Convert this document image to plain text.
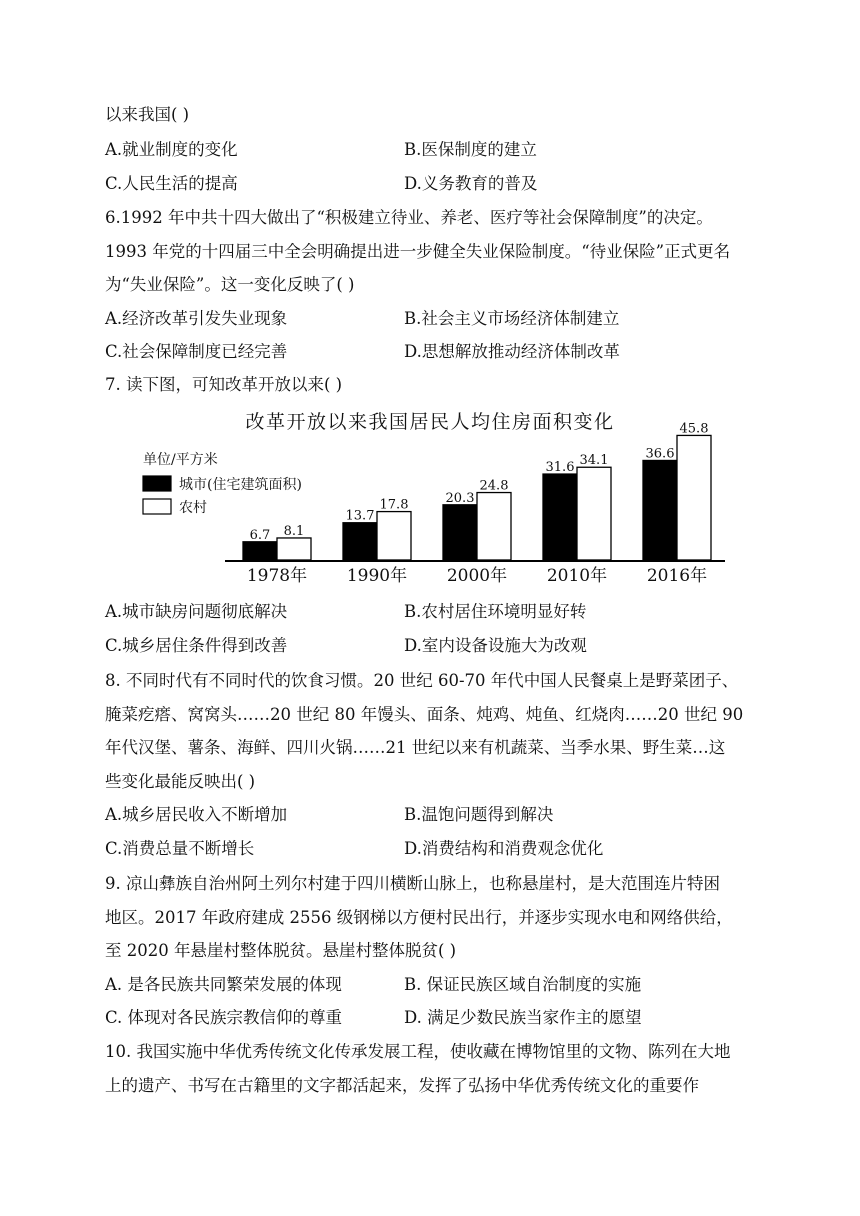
以来我国( )
A.就业制度的变化	B.医保制度的建立
C.人民生活的提高	D.义务教育的普及
6.1992 年中共十四大做出了“积极建立待业、养老、医疗等社会保障制度”的决定。
1993 年党的十四届三中全会明确提出进一步健全失业保险制度。“待业保险”正式更名
为“失业保险”。这一变化反映了( )
A.经济改革引发失业现象	B.社会主义市场经济体制建立
C.社会保障制度已经完善	D.思想解放推动经济体制改革
7. 读下图，可知改革开放以来( )
改革开放以来我国居民人均住房面积变化
单位/平方米
城市(住宅建筑面积)
农村
6.7 8.1
13.7
17.8	20.3
24.8
31.6 34.1	36.6
45.8
1978年 1990年 2000年 2010年 2016年
A.城市缺房问题彻底解决	B.农村居住环境明显好转
C.城乡居住条件得到改善	D.室内设备设施大为改观
8. 不同时代有不同时代的饮食习惯。20 世纪 60-70 年代中国人民餐桌上是野菜团子、
腌菜疙瘩、窝窝头……20 世纪 80 年馒头、面条、炖鸡、炖鱼、红烧肉……20 世纪 90
年代汉堡、薯条、海鲜、四川火锅……21 世纪以来有机蔬菜、当季水果、野生菜…这
些变化最能反映出( )
A.城乡居民收入不断增加	B.温饱问题得到解决
C.消费总量不断增长	D.消费结构和消费观念优化
9. 凉山彝族自治州阿土列尔村建于四川横断山脉上，也称悬崖村，是大范围连片特困
地区。2017 年政府建成 2556 级钢梯以方便村民出行，并逐步实现水电和网络供给，
至 2020 年悬崖村整体脱贫。悬崖村整体脱贫( )
A. 是各民族共同繁荣发展的体现	B. 保证民族区域自治制度的实施
C. 体现对各民族宗教信仰的尊重	D. 满足少数民族当家作主的愿望
10. 我国实施中华优秀传统文化传承发展工程，使收藏在博物馆里的文物、陈列在大地
上的遗产、书写在古籍里的文字都活起来，发挥了弘扬中华优秀传统文化的重要作
